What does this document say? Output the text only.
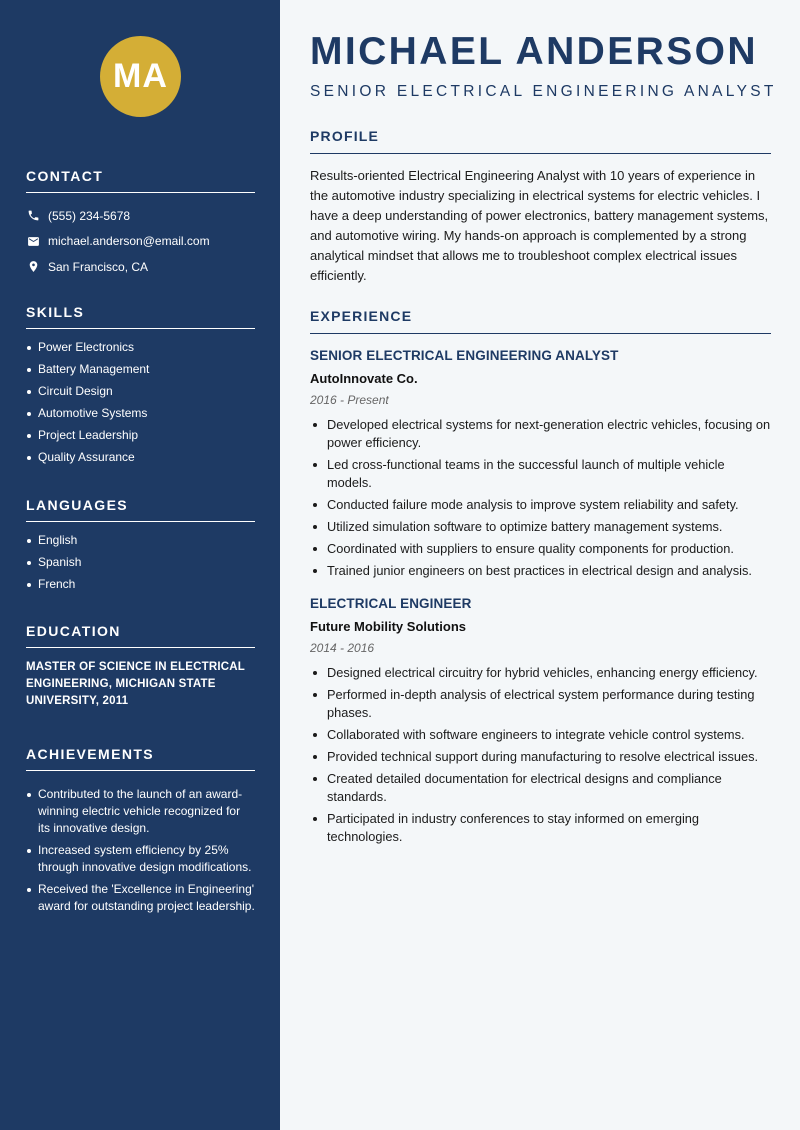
MA
CONTACT
(555) 234-5678
michael.anderson@email.com
San Francisco, CA
SKILLS
Power Electronics
Battery Management
Circuit Design
Automotive Systems
Project Leadership
Quality Assurance
LANGUAGES
English
Spanish
French
EDUCATION

MASTER OF SCIENCE IN ELECTRICAL ENGINEERING, MICHIGAN STATE UNIVERSITY, 2011

ACHIEVEMENTS
Contributed to the launch of an award-winning electric vehicle recognized for its innovative design.
Increased system efficiency by 25% through innovative design modifications.
Received the 'Excellence in Engineering' award for outstanding project leadership.
MICHAEL ANDERSON
SENIOR ELECTRICAL ENGINEERING ANALYST
PROFILE

Results-oriented Electrical Engineering Analyst with 10 years of experience in the automotive industry specializing in electrical systems for electric vehicles. I have a deep understanding of power electronics, battery management systems, and automotive wiring. My hands-on approach is complemented by a strong analytical mindset that allows me to troubleshoot complex electrical issues efficiently.

EXPERIENCE
SENIOR ELECTRICAL ENGINEERING ANALYST
AutoInnovate Co.
2016 - Present
Developed electrical systems for next-generation electric vehicles, focusing on power efficiency.
Led cross-functional teams in the successful launch of multiple vehicle models.
Conducted failure mode analysis to improve system reliability and safety.
Utilized simulation software to optimize battery management systems.
Coordinated with suppliers to ensure quality components for production.
Trained junior engineers on best practices in electrical design and analysis.
ELECTRICAL ENGINEER
Future Mobility Solutions
2014 - 2016
Designed electrical circuitry for hybrid vehicles, enhancing energy efficiency.
Performed in-depth analysis of electrical system performance during testing phases.
Collaborated with software engineers to integrate vehicle control systems.
Provided technical support during manufacturing to resolve electrical issues.
Created detailed documentation for electrical designs and compliance standards.
Participated in industry conferences to stay informed on emerging technologies.
